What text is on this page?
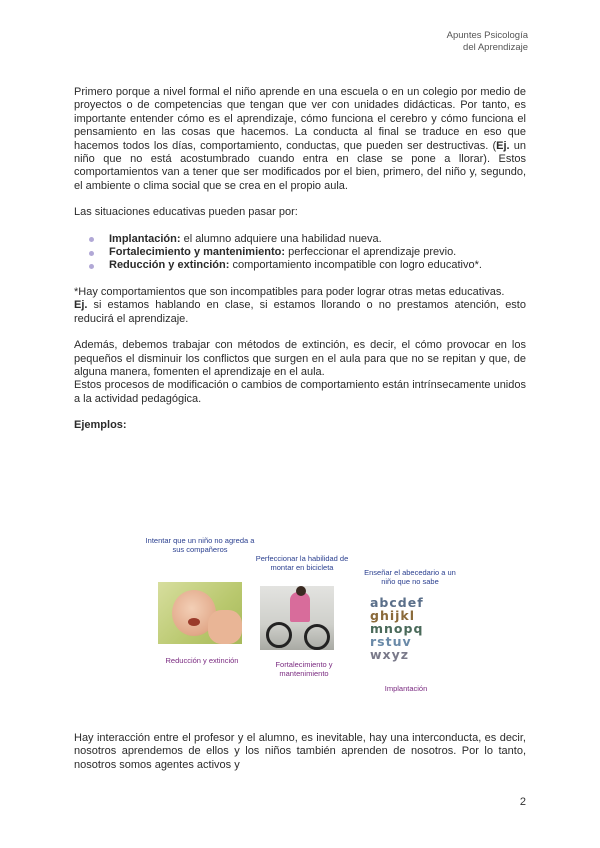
Apuntes Psicología
del Aprendizaje

Primero porque a nivel formal el niño aprende en una escuela o en un colegio por medio de proyectos o de competencias que tengan que ver con unidades didácticas. Por tanto, es importante entender cómo es el aprendizaje, cómo funciona el cerebro y cómo funciona el pensamiento en las cosas que hacemos. La conducta al final se traduce en eso que hacemos todos los días, comportamiento, conductas, que pueden ser destructivas. (Ej. un niño que no está acostumbrado cuando entra en clase se pone a llorar). Estos comportamientos van a tener que ser modificados por el bien, primero, del niño y, segundo, el ambiente o clima social que se crea en el propio aula.

Las situaciones educativas pueden pasar por:

Implantación: el alumno adquiere una habilidad nueva.
Fortalecimiento y mantenimiento: perfeccionar el aprendizaje previo.
Reducción y extinción: comportamiento incompatible con logro educativo*.

*Hay comportamientos que son incompatibles para poder lograr otras metas educativas.

Ej. si estamos hablando en clase, si estamos llorando o no prestamos atención, esto reducirá el aprendizaje.

Además, debemos trabajar con métodos de extinción, es decir, el cómo provocar en los pequeños el disminuir los conflictos que surgen en el aula para que no se repitan y que, de alguna manera, fomenten el aprendizaje en el aula.

Estos procesos de modificación o cambios de comportamiento están intrínsecamente unidos a la actividad pedagógica.

Ejemplos:

Intentar que un niño no agreda a sus compañeros
Reducción y extinción
Perfeccionar la habilidad de montar en bicicleta
Fortalecimiento y mantenimiento
Enseñar el abecedario a un niño que no sabe
abcdef
ghijkl
mnopq
rstuv
wxyz
Implantación

Hay interacción entre el profesor y el alumno, es inevitable, hay una interconducta, es decir, nosotros aprendemos de ellos y los niños también aprenden de nosotros. Por lo tanto, nosotros somos agentes activos y

2
